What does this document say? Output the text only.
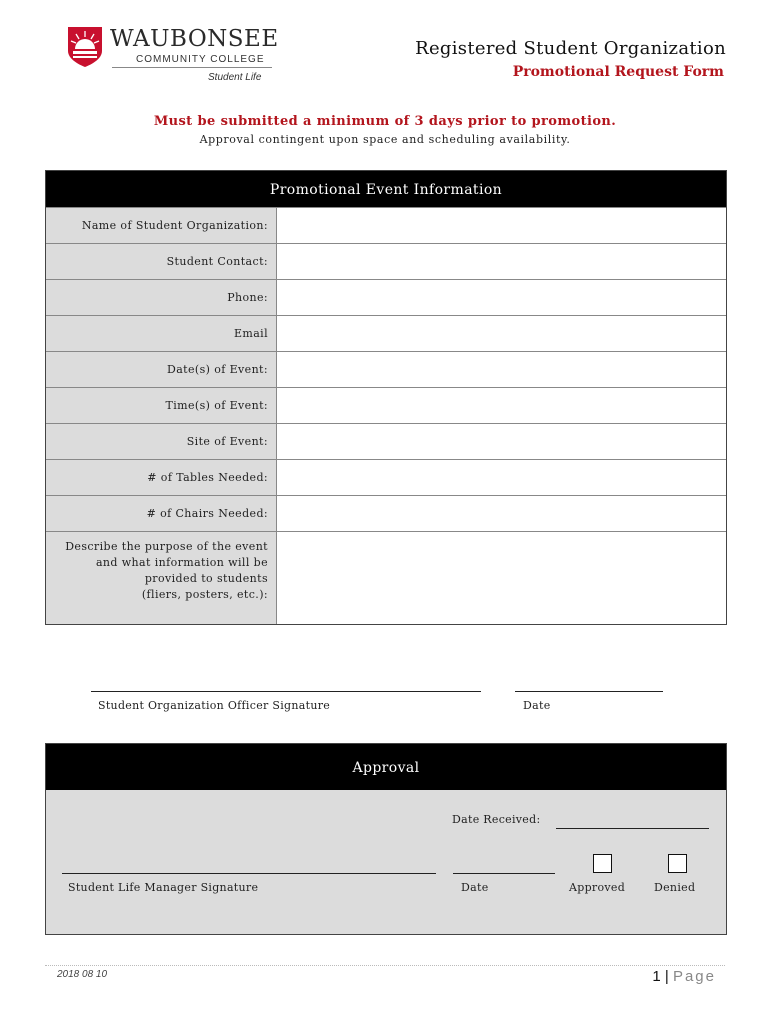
WAUBONSEE
COMMUNITY COLLEGE
Student Life
Registered Student Organization
Promotional Request Form
Must be submitted a minimum of 3 days prior to promotion.
Approval contingent upon space and scheduling availability.
Promotional Event Information
Name of Student Organization:
Student Contact:
Phone:
Email
Date(s) of Event:
Time(s) of Event:
Site of Event:
# of Tables Needed:
# of Chairs Needed:
Describe the purpose of the event
and what information will be
provided to students
(fliers, posters, etc.):
Student Organization Officer Signature	Date
Approval
Date Received:
Student Life Manager Signature	Date	Approved	Denied
2018 08 10	1 | Page
